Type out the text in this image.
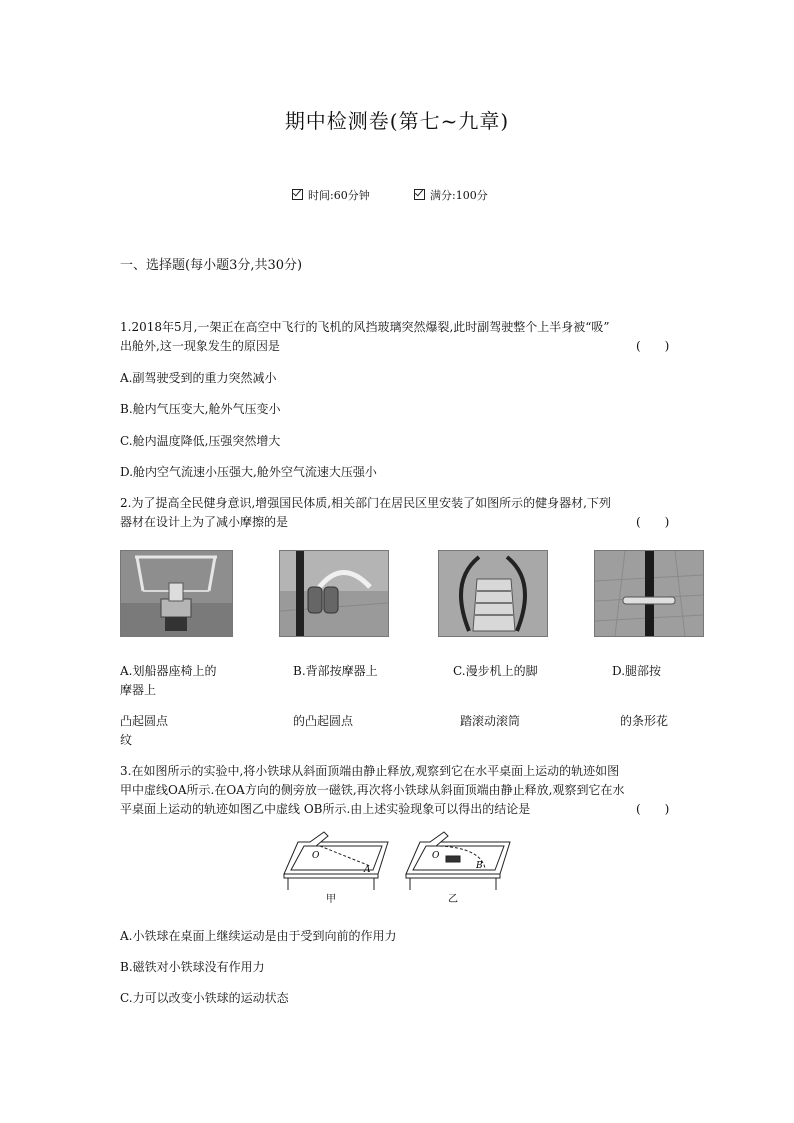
期中检测卷(第七~九章)
时间:60分钟	满分:100分
一、选择题(每小题3分,共30分)
1.2018年5月,一架正在高空中飞行的飞机的风挡玻璃突然爆裂,此时副驾驶整个上半身被“吸”
出舱外,这一现象发生的原因是	(　　)
A.副驾驶受到的重力突然减小
B.舱内气压变大,舱外气压变小
C.舱内温度降低,压强突然增大
D.舱内空气流速小压强大,舱外空气流速大压强小
2.为了提高全民健身意识,增强国民体质,相关部门在居民区里安装了如图所示的健身器材,下列
器材在设计上为了减小摩擦的是	(　　)
A.划船器座椅上的	B.背部按摩器上	C.漫步机上的脚	D.腿部按
摩器上
凸起圆点	的凸起圆点	踏滚动滚筒	的条形花
纹
3.在如图所示的实验中,将小铁球从斜面顶端由静止释放,观察到它在水平桌面上运动的轨迹如图
甲中虚线OA所示.在OA方向的侧旁放一磁铁,再次将小铁球从斜面顶端由静止释放,观察到它在水
平桌面上运动的轨迹如图乙中虚线 OB所示.由上述实验现象可以得出的结论是	(　　)
O
A
O
B
甲	乙
A.小铁球在桌面上继续运动是由于受到向前的作用力
B.磁铁对小铁球没有作用力
C.力可以改变小铁球的运动状态
